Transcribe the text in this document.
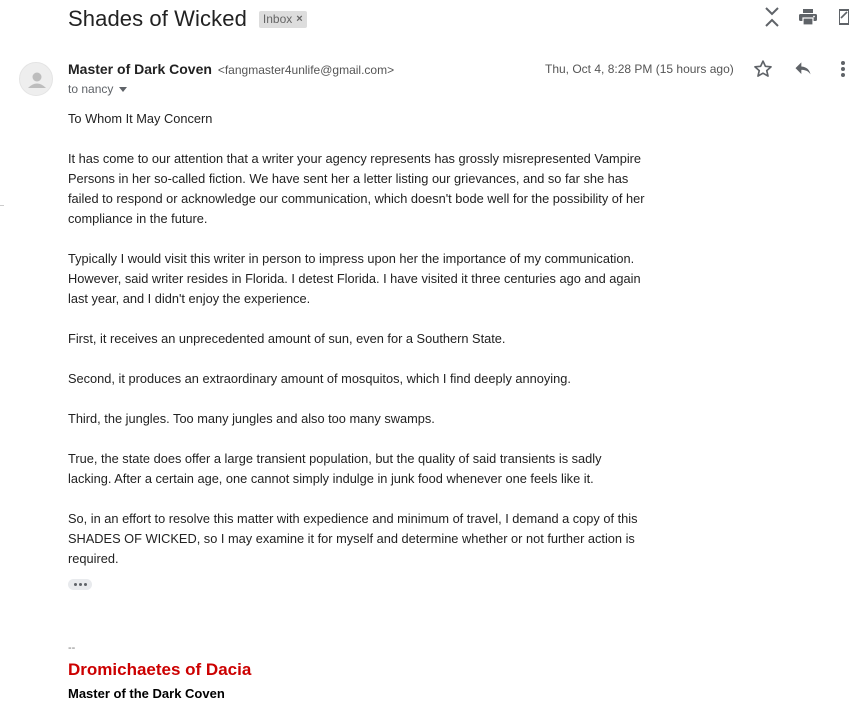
Shades of Wicked Inbox ×
Master of Dark Coven <fangmaster4unlife@gmail.com>
to nancy
Thu, Oct 4, 8:28 PM (15 hours ago)

To Whom It May Concern

It has come to our attention that a writer your agency represents has grossly misrepresented Vampire Persons in her so-called fiction. We have sent her a letter listing our grievances, and so far she has failed to respond or acknowledge our communication, which doesn't bode well for the possibility of her compliance in the future.

Typically I would visit this writer in person to impress upon her the importance of my communication. However, said writer resides in Florida. I detest Florida. I have visited it three centuries ago and again last year, and I didn't enjoy the experience.

First, it receives an unprecedented amount of sun, even for a Southern State.

Second, it produces an extraordinary amount of mosquitos, which I find deeply annoying.

Third, the jungles. Too many jungles and also too many swamps.

True, the state does offer a large transient population, but the quality of said transients is sadly lacking. After a certain age, one cannot simply indulge in junk food whenever one feels like it.

So, in an effort to resolve this matter with expedience and minimum of travel, I demand a copy of this SHADES OF WICKED, so I may examine it for myself and determine whether or not further action is required.

--
Dromichaetes of Dacia
Master of the Dark Coven
